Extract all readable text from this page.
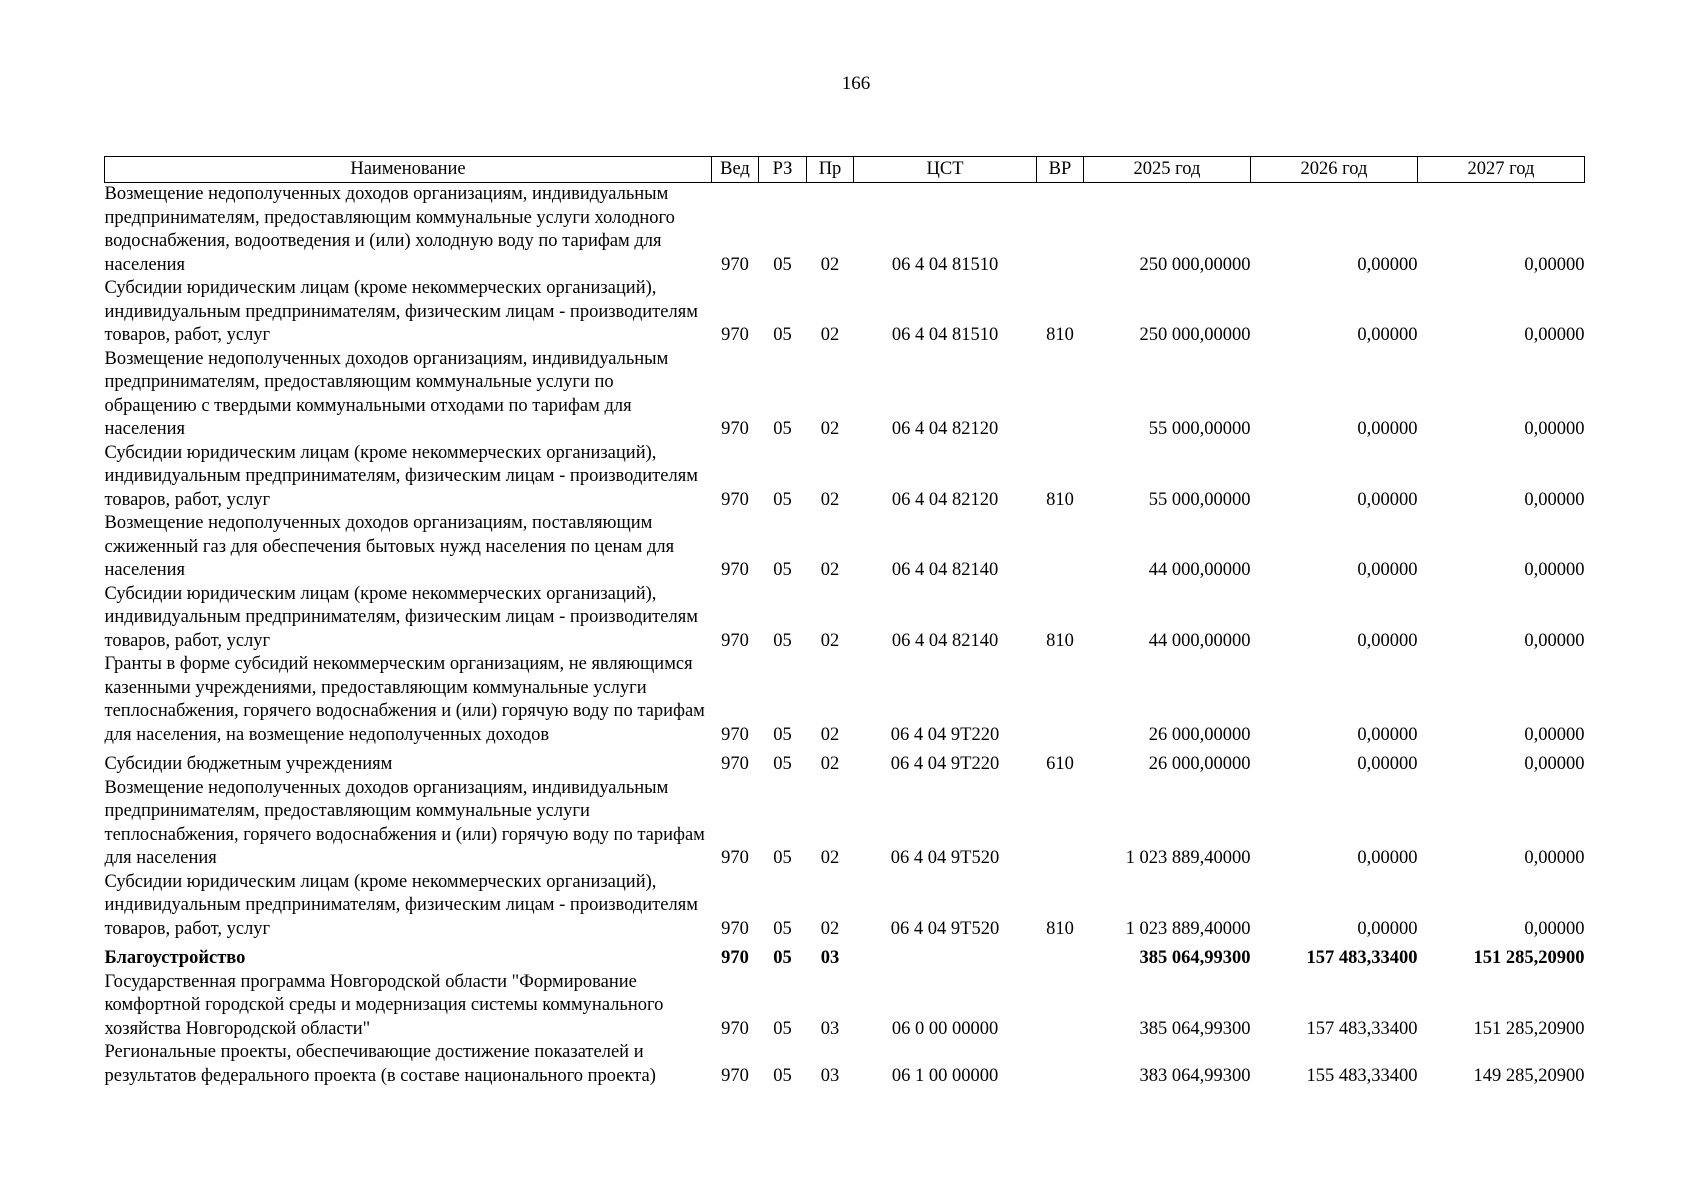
166
Наименование	Вед	РЗ	Пр	ЦСТ	ВР	2025 год	2026 год	2027 год
Возмещение недополученных доходов организациям, индивидуальным предпринимателям, предоставляющим коммунальные услуги холодного водоснабжения, водоотведения и (или) холодную воду по тарифам для населения	970	05	02	06 4 04 81510		250 000,00000	0,00000	0,00000
Субсидии юридическим лицам (кроме некоммерческих организаций), индивидуальным предпринимателям, физическим лицам - производителям товаров, работ, услуг	970	05	02	06 4 04 81510	810	250 000,00000	0,00000	0,00000
Возмещение недополученных доходов организациям, индивидуальным предпринимателям, предоставляющим коммунальные услуги по обращению с твердыми коммунальными отходами по тарифам для населения	970	05	02	06 4 04 82120		55 000,00000	0,00000	0,00000
Субсидии юридическим лицам (кроме некоммерческих организаций), индивидуальным предпринимателям, физическим лицам - производителям товаров, работ, услуг	970	05	02	06 4 04 82120	810	55 000,00000	0,00000	0,00000
Возмещение недополученных доходов организациям, поставляющим сжиженный газ для обеспечения бытовых нужд населения по ценам для населения	970	05	02	06 4 04 82140		44 000,00000	0,00000	0,00000
Субсидии юридическим лицам (кроме некоммерческих организаций), индивидуальным предпринимателям, физическим лицам - производителям товаров, работ, услуг	970	05	02	06 4 04 82140	810	44 000,00000	0,00000	0,00000
Гранты в форме субсидий некоммерческим организациям, не являющимся казенными учреждениями, предоставляющим коммунальные услуги теплоснабжения, горячего водоснабжения и (или) горячую воду по тарифам для населения, на возмещение недополученных доходов	970	05	02	06 4 04 9Т220		26 000,00000	0,00000	0,00000
Субсидии бюджетным учреждениям	970	05	02	06 4 04 9Т220	610	26 000,00000	0,00000	0,00000
Возмещение недополученных доходов организациям, индивидуальным предпринимателям, предоставляющим коммунальные услуги теплоснабжения, горячего водоснабжения и (или) горячую воду по тарифам для населения	970	05	02	06 4 04 9Т520		1 023 889,40000	0,00000	0,00000
Субсидии юридическим лицам (кроме некоммерческих организаций), индивидуальным предпринимателям, физическим лицам - производителям товаров, работ, услуг	970	05	02	06 4 04 9Т520	810	1 023 889,40000	0,00000	0,00000
Благоустройство	970	05	03			385 064,99300	157 483,33400	151 285,20900
Государственная программа Новгородской области "Формирование комфортной городской среды и модернизация системы коммунального хозяйства Новгородской области"	970	05	03	06 0 00 00000		385 064,99300	157 483,33400	151 285,20900
Региональные проекты, обеспечивающие достижение показателей и результатов федерального проекта (в составе национального проекта)	970	05	03	06 1 00 00000		383 064,99300	155 483,33400	149 285,20900
